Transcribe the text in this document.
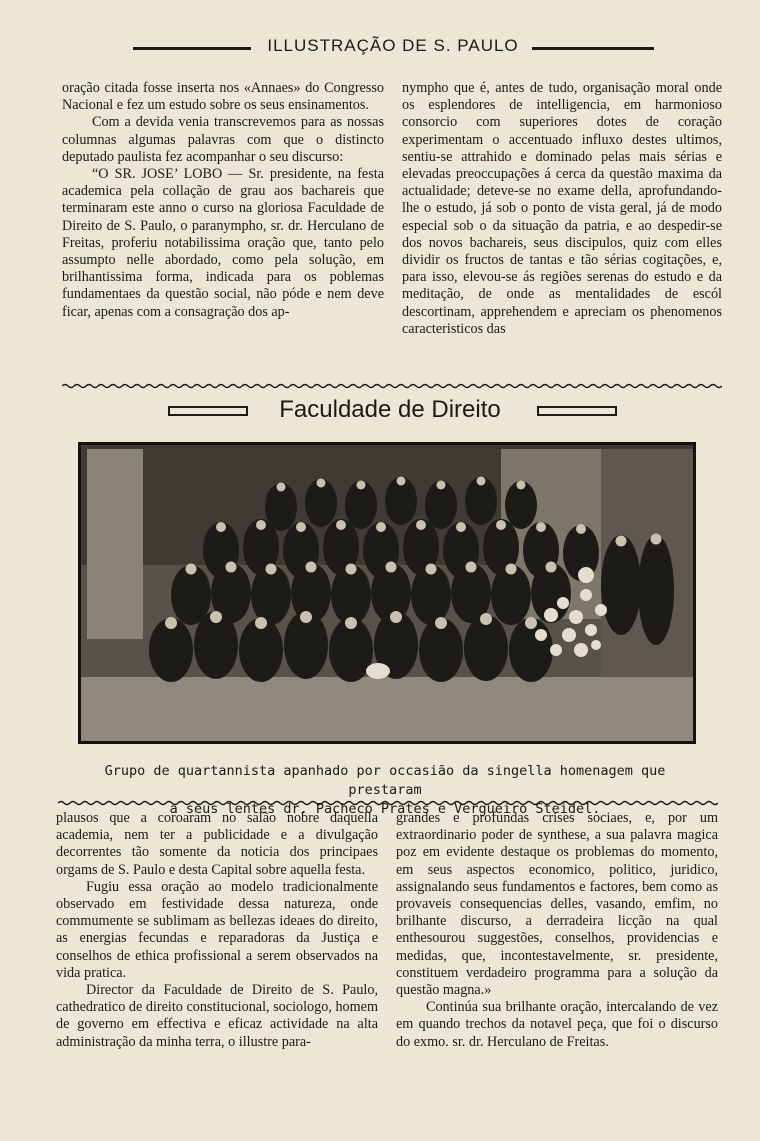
ILLUSTRAÇÃO DE S. PAULO

oração citada fosse inserta nos «Annaes» do Congresso Nacional e fez um estudo sobre os seus ensinamentos.

Com a devida venia transcrevemos para as nossas columnas algumas palavras com que o distincto deputado paulista fez acompanhar o seu discurso:

“O SR. JOSE’ LOBO — Sr. presidente, na festa academica pela collação de grau aos bachareis que terminaram este anno o curso na gloriosa Faculdade de Direito de S. Paulo, o paranympho, sr. dr. Herculano de Freitas, proferiu notabilissima oração que, tanto pelo assumpto nelle abordado, como pela solução, em brilhantissima forma, indicada para os poblemas fundamentaes da questão social, não póde e nem deve ficar, apenas com a consagração dos ap-

nympho que é, antes de tudo, organisação moral onde os esplendores de intelligencia, em harmonioso consorcio com superiores dotes de coração experimentam o accentuado influxo destes ultimos, sentiu-se attrahido e dominado pelas mais sérias e elevadas preoccupações á cerca da questão maxima da actualidade; deteve-se no exame della, aprofundando-lhe o estudo, já sob o ponto de vista geral, já de modo especial sob o da situação da patria, e ao despedir-se dos novos bachareis, seus discipulos, quiz com elles dividir os fructos de tantas e tão sérias cogitações, e, para isso, elevou-se ás regiões serenas do estudo e da meditação, de onde as mentalidades de escól descortinam, apprehendem e apreciam os phenomenos caracteristicos das

Faculdade de Direito
Grupo de quartannista apanhado por occasião da singella homenagem que prestaram
a seus lentes dr. Pacheco Prates e Vergueiro Steidel.

plausos que a coroaram no salão nobre daquella academia, nem ter a publicidade e a divulgação decorrentes tão somente da noticia dos principaes orgams de S. Paulo e desta Capital sobre aquella festa.

Fugiu essa oração ao modelo tradicionalmente observado em festividade dessa natureza, onde commumente se sublimam as bellezas ideaes do direito, as energias fecundas e reparadoras da Justiça e conselhos de ethica profissional a serem observados na vida pratica.

Director da Faculdade de Direito de S. Paulo, cathedratico de direito constitucional, sociologo, homem de governo em effectiva e eficaz actividade na alta administração da minha terra, o illustre para-

grandes e profundas crises sociaes, e, por um extraordinario poder de synthese, a sua palavra magica poz em evidente destaque os problemas do momento, em seus aspectos economico, politico, juridico, assignalando seus fundamentos e factores, bem como as provaveis consequencias delles, vasando, emfim, no brilhante discurso, a derradeira licção na qual enthesourou suggestões, conselhos, providencias e medidas, que, incontestavelmente, sr. presidente, constituem verdadeiro programma para a solução da questão magna.»

Continúa sua brilhante oração, intercalando de vez em quando trechos da notavel peça, que foi o discurso do exmo. sr. dr. Herculano de Freitas.
